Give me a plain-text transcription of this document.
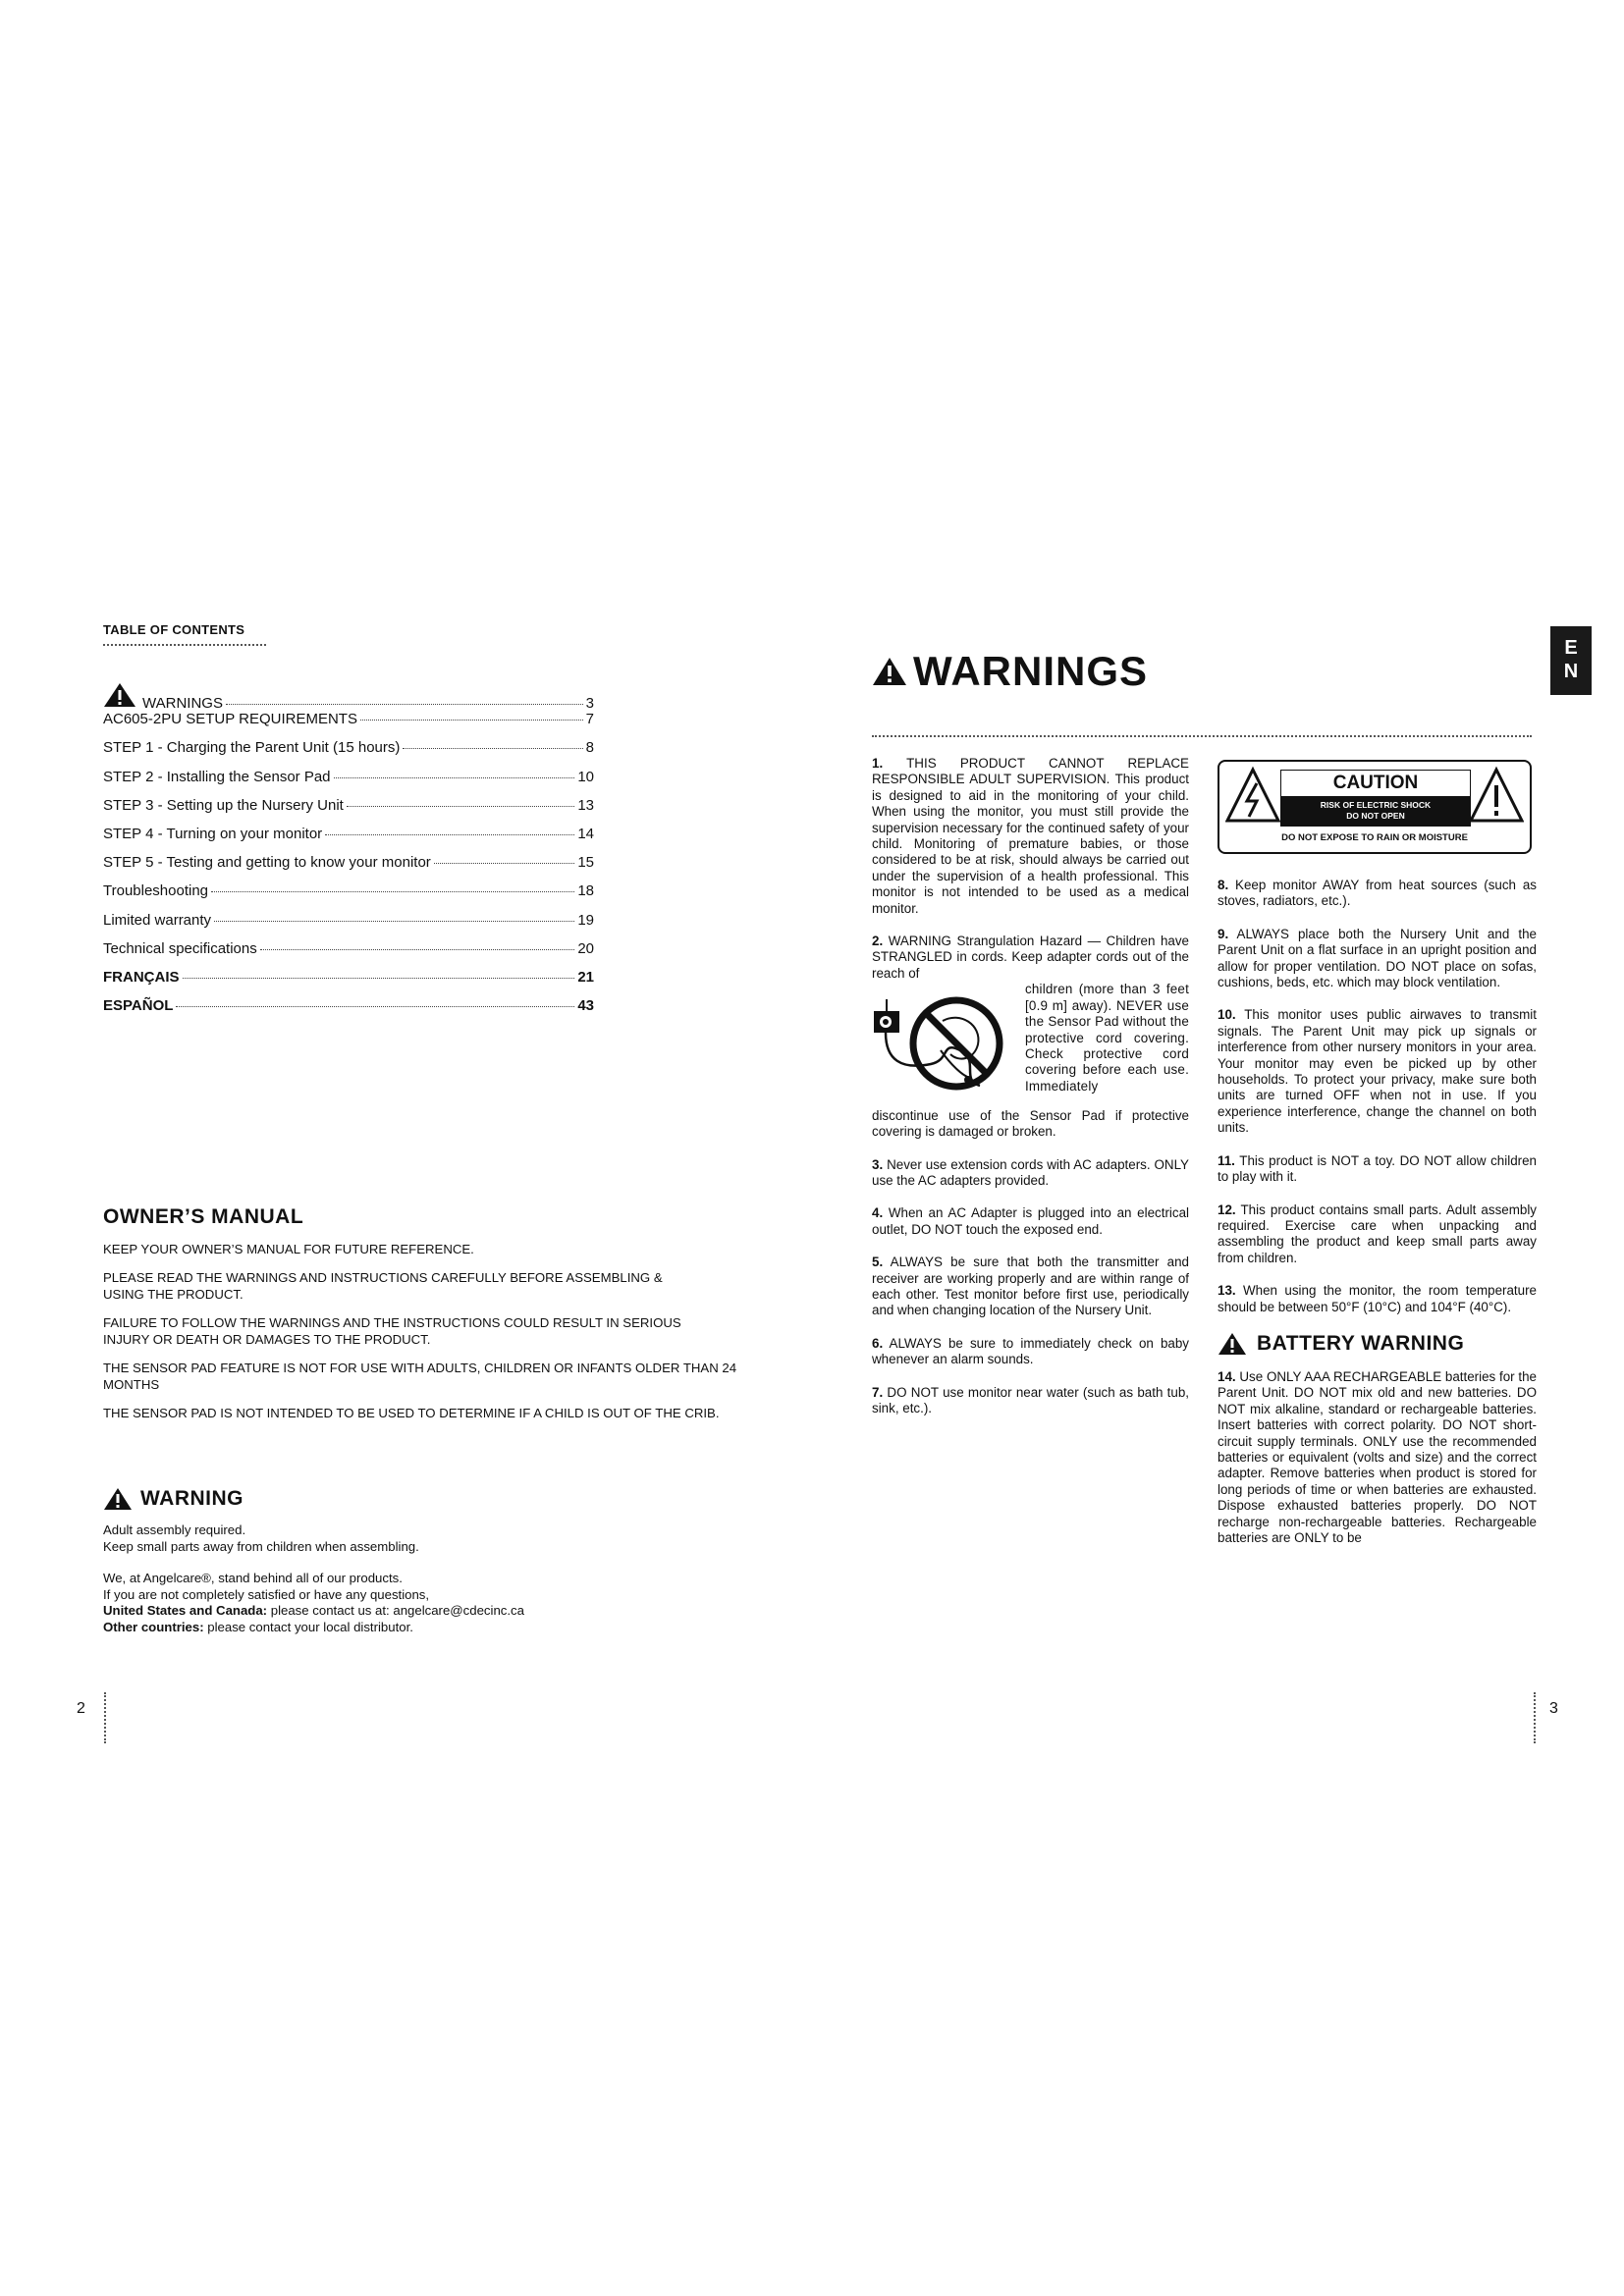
TABLE OF CONTENTS
WARNINGS	3
AC605-2PU SETUP REQUIREMENTS	7
STEP 1 - Charging the Parent Unit (15 hours)	8
STEP 2 - Installing the Sensor Pad	10
STEP 3 - Setting up the Nursery Unit	13
STEP 4 - Turning on your monitor	14
STEP 5 - Testing and getting to know your monitor	15
Troubleshooting	18
Limited warranty	19
Technical specifications	20
FRANÇAIS	21
ESPAÑOL	43
OWNER’S MANUAL

KEEP YOUR OWNER’S MANUAL FOR FUTURE REFERENCE.

PLEASE READ THE WARNINGS AND INSTRUCTIONS CAREFULLY BEFORE ASSEMBLING & USING THE PRODUCT.

FAILURE TO FOLLOW THE WARNINGS AND THE INSTRUCTIONS COULD RESULT IN SERIOUS INJURY OR DEATH OR DAMAGES TO THE PRODUCT.

THE SENSOR PAD FEATURE IS NOT FOR USE WITH ADULTS, CHILDREN OR INFANTS OLDER THAN 24 MONTHS

THE SENSOR PAD IS NOT INTENDED TO BE USED TO DETERMINE IF A CHILD IS OUT OF THE CRIB.

WARNING

Adult assembly required.

Keep small parts away from children when assembling.

We, at Angelcare®, stand behind all of our products.

If you are not completely satisfied or have any questions,

United States and Canada: please contact us at: angelcare@cdecinc.ca

Other countries: please contact your local distributor.

2
E
N
WARNINGS

1. THIS PRODUCT CANNOT REPLACE RESPONSIBLE ADULT SUPERVISION. This product is designed to aid in the monitoring of your child. When using the monitor, you must still provide the supervision necessary for the continued safety of your child. Monitoring of premature babies, or those considered to be at risk, should always be carried out under the supervision of a health professional. This monitor is not intended to be used as a medical monitor.

2. WARNING Strangulation Hazard — Children have STRANGLED in cords. Keep adapter cords out of the reach of

children (more than 3 feet [0.9 m] away). NEVER use the Sensor Pad without the protective cord covering. Check protective cord covering before each use. Immediately

discontinue use of the Sensor Pad if protective covering is damaged or broken.

3. Never use extension cords with AC adapters. ONLY use the AC adapters provided.

4. When an AC Adapter is plugged into an electrical outlet, DO NOT touch the exposed end.

5. ALWAYS be sure that both the transmitter and receiver are working properly and are within range of each other. Test monitor before first use, periodically and when changing location of the Nursery Unit.

6. ALWAYS be sure to immediately check on baby whenever an alarm sounds.

7. DO NOT use monitor near water (such as bath tub, sink, etc.).

CAUTION
RISK OF ELECTRIC SHOCK
DO NOT OPEN
DO NOT EXPOSE TO RAIN OR MOISTURE

8. Keep monitor AWAY from heat sources (such as stoves, radiators, etc.).

9. ALWAYS place both the Nursery Unit and the Parent Unit on a flat surface in an upright position and allow for proper ventilation. DO NOT place on sofas, cushions, beds, etc. which may block ventilation.

10. This monitor uses public airwaves to transmit signals. The Parent Unit may pick up signals or interference from other nursery monitors in your area. Your monitor may even be picked up by other households. To protect your privacy, make sure both units are turned OFF when not in use. If you experience interference, change the channel on both units.

11. This product is NOT a toy. DO NOT allow children to play with it.

12. This product contains small parts. Adult assembly required. Exercise care when unpacking and assembling the product and keep small parts away from children.

13. When using the monitor, the room temperature should be between 50°F (10°C) and 104°F (40°C).

BATTERY WARNING

14. Use ONLY AAA RECHARGEABLE batteries for the Parent Unit. DO NOT mix old and new batteries. DO NOT mix alkaline, standard or rechargeable batteries. Insert batteries with correct polarity. DO NOT short-circuit supply terminals. ONLY use the recommended batteries or equivalent (volts and size) and the correct adapter. Remove batteries when product is stored for long periods of time or when batteries are exhausted. Dispose exhausted batteries properly. DO NOT recharge non-rechargeable batteries. Rechargeable batteries are ONLY to be

3
